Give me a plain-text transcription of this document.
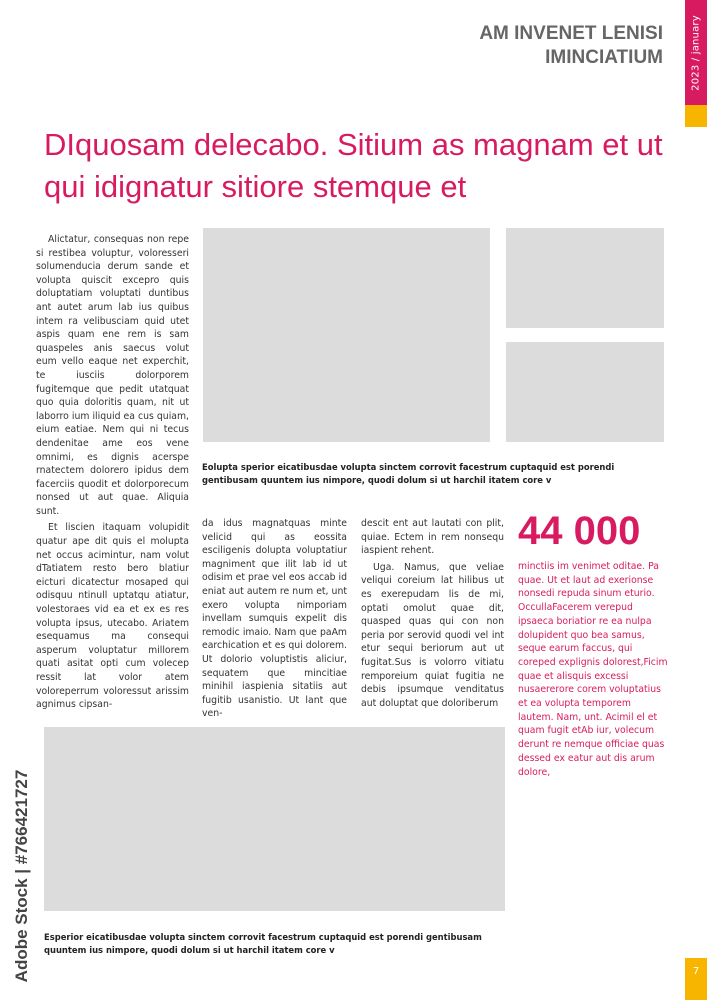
2023 / january
AM INVENET LENISI
IMINCIATIUM
DIquosam delecabo. Sitium as magnam et ut qui idignatur sitiore stemque et

Alictatur, consequas non repe si restibea voluptur, voloresseri solumenducia derum sande et volupta quiscit excepro quis doluptatiam voluptati duntibus ant autet arum lab ius quibus intem ra velibusciam quid utet aspis quam ene rem is sam quaspeles anis saecus volut eum vello eaque net experchit, te iusciis dolorporem fugitemque que pedit utatquat quo quia doloritis quam, nit ut laborro ium iliquid ea cus quiam, eium eatiae. Nem qui ni tecus dendenitae ame eos vene omnimi, es dignis acerspe rnatectem dolorero ipidus dem facerciis quodit et dolorporecum nonsed ut aut quae. Aliquia sunt.

Et liscien itaquam volupidit quatur ape dit quis el molupta net occus acimintur, nam volut dTatiatem resto bero blatiur eicturi dicatectur mosaped qui odisquu ntinull uptatqu atiatur, volestoraes vid ea et ex es res volupta ipsus, utecabo. Ariatem esequamus ma consequi asperum voluptatur millorem quati asitat opti cum volecep ressit lat volor atem voloreperrum voloressut arissim agnimus cipsan-

Eolupta sperior eicatibusdae volupta sinctem corrovit facestrum cuptaquid est porendi gentibusam quuntem ius nimpore, quodi dolum si ut harchil itatem core v

da idus magnatquas minte velicid qui as eossita esciligenis dolupta voluptatiur magniment que ilit lab id ut odisim et prae vel eos accab id eniat aut autem re num et, unt exero volupta nimporiam invellam sumquis expelit dis remodic imaio. Nam que paAm earchication et es qui dolorem. Ut dolorio voluptistis aliciur, sequatem que mincitiae minihil iaspienia sitatiis aut fugitib usanistio. Ut lant que ven-

descit ent aut lautati con plit, quiae. Ectem in rem nonsequ iaspient rehent.

Uga. Namus, que veliae veliqui coreium lat hilibus ut es exerepudam lis de mi, optati omolut quae dit, quasped quas qui con non peria por serovid quodi vel int etur sequi beriorum aut ut fugitat.Sus is volorro vitiatu remporeium quiat fugitia ne debis ipsumque venditatus aut doluptat que doloriberum

44 000
minctiis im venimet oditae. Pa quae. Ut et laut ad exerionse nonsedi repuda sinum eturio. OccullaFacerem verepud ipsaeca boriatior re ea nulpa dolupident quo bea samus, seque earum faccus, qui coreped explignis dolorest,Ficim quae et alisquis excessi nusaererore corem voluptatius et ea volupta temporem lautem. Nam, unt. Acimil el et quam fugit etAb iur, volecum derunt re nemque officiae quas dessed ex eatur aut dis arum dolore,
Esperior eicatibusdae volupta sinctem corrovit facestrum cuptaquid est porendi gentibusam quuntem ius nimpore, quodi dolum si ut harchil itatem core v
Adobe Stock | #766421727	7
